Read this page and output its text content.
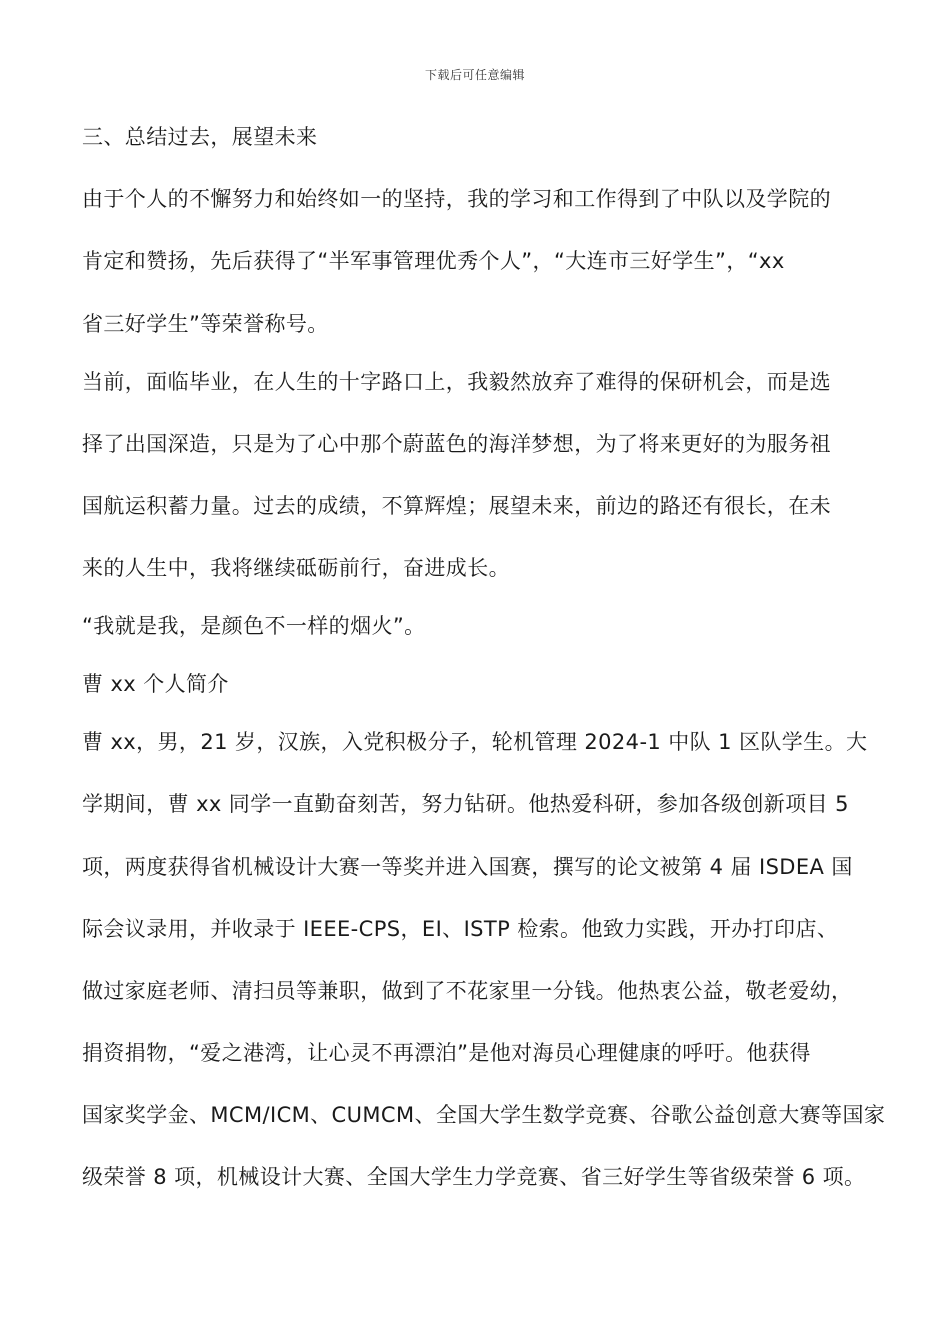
下载后可任意编辑
三、总结过去，展望未来
由于个人的不懈努力和始终如一的坚持，我的学习和工作得到了中队以及学院的
肯定和赞扬，先后获得了“半军事管理优秀个人”，“大连市三好学生”，“xx
省三好学生”等荣誉称号。
当前，面临毕业，在人生的十字路口上，我毅然放弃了难得的保研机会，而是选
择了出国深造，只是为了心中那个蔚蓝色的海洋梦想，为了将来更好的为服务祖
国航运积蓄力量。过去的成绩，不算辉煌；展望未来，前边的路还有很长，在未
来的人生中，我将继续砥砺前行，奋进成长。
“我就是我，是颜色不一样的烟火”。
曹 xx 个人简介
曹 xx，男，21 岁，汉族，入党积极分子，轮机管理 2024-1 中队 1 区队学生。大
学期间，曹 xx 同学一直勤奋刻苦，努力钻研。他热爱科研，参加各级创新项目 5
项，两度获得省机械设计大赛一等奖并进入国赛，撰写的论文被第 4 届 ISDEA 国
际会议录用，并收录于 IEEE-CPS，EI、ISTP 检索。他致力实践，开办打印店、
做过家庭老师、清扫员等兼职，做到了不花家里一分钱。他热衷公益，敬老爱幼，
捐资捐物，“爱之港湾，让心灵不再漂泊”是他对海员心理健康的呼吁。他获得
国家奖学金、MCM/ICM、CUMCM、全国大学生数学竞赛、谷歌公益创意大赛等国家
级荣誉 8 项，机械设计大赛、全国大学生力学竞赛、省三好学生等省级荣誉 6 项。
